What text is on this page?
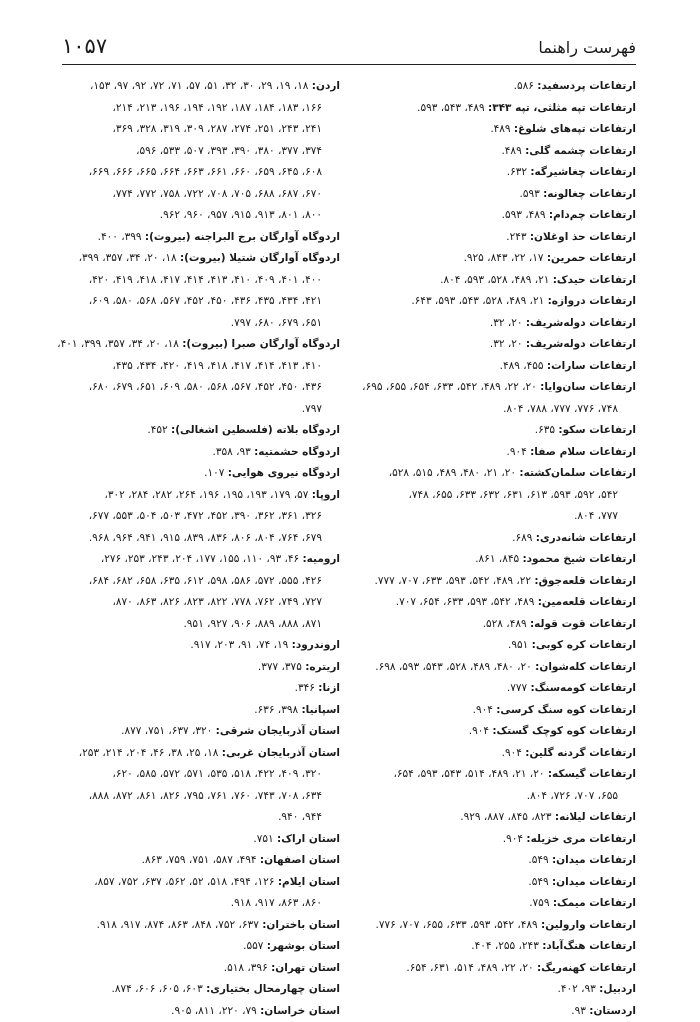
فهرست راهنما
۱۰۵۷
ارتفاعات پردسفید: ۵۸۶.
ارتفاعات تپه مثلثی، تپه ۳۴۳: ۴۸۹، ۵۴۳، ۵۹۳.
ارتفاعات تپه‌های شلوغ: ۴۸۹.
ارتفاعات چشمه گلی: ۴۸۹.
ارتفاعات چغاشیرگه: ۶۳۲.
ارتفاعات چغالونه: ۵۹۳.
ارتفاعات چم‌دام: ۴۸۹، ۵۹۳.
ارتفاعات حذ اوغلان: ۲۴۳.
ارتفاعات حمرین: ۱۷، ۲۲، ۸۴۳، ۹۲۵.
ارتفاعات حیدک: ۲۱، ۴۸۹، ۵۲۸، ۵۹۳، ۸۰۴.
ارتفاعات دروازه: ۲۱، ۴۸۹، ۵۲۸، ۵۴۳، ۵۹۳، ۶۴۳.
ارتفاعات دوله‌شریف: ۲۰، ۳۲.
ارتفاعات دوله‌شریف: ۲۰، ۳۲.
ارتفاعات سارات: ۴۵۵، ۴۸۹.
ارتفاعات سان‌وایا: ۲۰، ۲۲، ۴۸۹، ۵۴۲، ۶۳۳، ۶۵۴، ۶۵۵، ۶۹۵،
۷۴۸، ۷۷۶، ۷۷۷، ۷۸۸، ۸۰۴.
ارتفاعات سکو: ۶۳۵.
ارتفاعات سلام صفا: ۹۰۴.
ارتفاعات سلمان‌کشته: ۲۰، ۲۱، ۴۸۰، ۴۸۹، ۵۱۵، ۵۲۸،
۵۴۲، ۵۹۲، ۵۹۳، ۶۱۳، ۶۳۱، ۶۳۲، ۶۳۳، ۶۵۵، ۷۴۸،
۷۷۷، ۸۰۴.
ارتفاعات شانه‌دری: ۶۸۹.
ارتفاعات شیخ محمود: ۸۴۵، ۸۶۱.
ارتفاعات قلعه‌جوق: ۲۲، ۴۸۹، ۵۴۲، ۵۹۳، ۶۳۳، ۷۰۷، ۷۷۷.
ارتفاعات قلعه‌مین: ۴۸۹، ۵۴۲، ۵۹۳، ۶۳۳، ۶۵۴، ۷۰۷.
ارتفاعات قوت قوله: ۴۸۹، ۵۲۸.
ارتفاعات کره کوبی: ۹۵۱.
ارتفاعات کله‌شوان: ۲۰، ۴۸۰، ۴۸۹، ۵۲۸، ۵۴۳، ۵۹۳، ۶۹۸.
ارتفاعات کومه‌سنگ: ۷۷۷.
ارتفاعات کوه سنگ کرسی: ۹۰۴.
ارتفاعات کوه کوچک گستک: ۹۰۴.
ارتفاعات گردنه گلین: ۹۰۴.
ارتفاعات گیسکه: ۲۰، ۲۱، ۴۸۹، ۵۱۴، ۵۴۳، ۵۹۳، ۶۵۴،
۶۵۵، ۷۰۷، ۷۲۶، ۸۰۴.
ارتفاعات لیلانه: ۸۲۳، ۸۴۵، ۸۸۷، ۹۲۹.
ارتفاعات مری خزیله: ۹۰۴.
ارتفاعات میدان: ۵۴۹.
ارتفاعات میدان: ۵۴۹.
ارتفاعات میمک: ۷۵۹.
ارتفاعات وارولین: ۴۸۹، ۵۴۲، ۵۹۳، ۶۳۳، ۶۵۵، ۷۰۷، ۷۷۶.
ارتفاعات هنگ‌آباد: ۲۴۳، ۲۵۵، ۴۰۴.
ارتفاعات کهنه‌ریگ: ۲۰، ۲۲، ۴۸۹، ۵۱۴، ۶۳۱، ۶۵۴.
اردبیل: ۹۳، ۴۰۲.
اردستان: ۹۳.
اردن: ۱۸، ۱۹، ۲۹، ۳۰، ۳۲، ۵۱، ۵۷، ۷۱، ۷۲، ۹۲، ۹۷، ۱۵۳،
۱۶۶، ۱۸۳، ۱۸۴، ۱۸۷، ۱۹۲، ۱۹۴، ۱۹۶، ۲۱۳، ۲۱۴،
۲۴۱، ۲۴۳، ۲۵۱، ۲۷۴، ۲۸۷، ۳۰۹، ۳۱۹، ۳۲۸، ۳۶۹،
۳۷۴، ۳۷۷، ۳۸۰، ۳۹۰، ۳۹۳، ۵۰۷، ۵۳۳، ۵۹۶،
۶۰۸، ۶۴۵، ۶۵۹، ۶۶۰، ۶۶۱، ۶۶۳، ۶۶۴، ۶۶۵، ۶۶۶، ۶۶۹،
۶۷۰، ۶۸۷، ۶۸۸، ۷۰۵، ۷۰۸، ۷۲۲، ۷۵۸، ۷۷۲، ۷۷۴،
۸۰۰، ۸۰۱، ۹۱۳، ۹۱۵، ۹۵۷، ۹۶۰، ۹۶۲.
اردوگاه آوارگان برج البراجنه (بیروت): ۳۹۹، ۴۰۰.
اردوگاه آوارگان شتیلا (بیروت): ۱۸، ۲۰، ۳۴، ۳۵۷، ۳۹۹،
۴۰۰، ۴۰۱، ۴۰۹، ۴۱۰، ۴۱۳، ۴۱۴، ۴۱۷، ۴۱۸، ۴۱۹، ۴۲۰،
۴۲۱، ۴۳۴، ۴۳۵، ۴۳۶، ۴۵۰، ۴۵۲، ۵۶۷، ۵۶۸، ۵۸۰، ۶۰۹،
۶۵۱، ۶۷۹، ۶۸۰، ۷۹۷.
اردوگاه آوارگان صبرا (بیروت): ۱۸، ۲۰، ۳۴، ۳۵۷، ۳۹۹، ۴۰۱،
۴۱۰، ۴۱۳، ۴۱۴، ۴۱۷، ۴۱۸، ۴۱۹، ۴۲۰، ۴۳۴، ۴۳۵،
۴۳۶، ۴۵۰، ۴۵۲، ۵۶۷، ۵۶۸، ۵۸۰، ۶۰۹، ۶۵۱، ۶۷۹، ۶۸۰،
۷۹۷.
اردوگاه بلاته (فلسطین اشغالی): ۴۵۲.
اردوگاه حشمتیه: ۹۳، ۳۵۸.
اردوگاه نیروی هوایی: ۱۰۷.
اروپا: ۵۷، ۱۷۹، ۱۹۳، ۱۹۵، ۱۹۶، ۲۶۴، ۲۸۲، ۲۸۴، ۳۰۲،
۳۲۶، ۳۶۱، ۳۶۲، ۳۹۰، ۴۵۲، ۴۷۲، ۵۰۳، ۵۰۴، ۵۵۳، ۶۷۷،
۶۷۹، ۷۶۴، ۸۰۴، ۸۰۶، ۸۳۶، ۸۳۹، ۹۱۵، ۹۴۱، ۹۶۴، ۹۶۸.
ارومیه: ۴۶، ۹۳، ۱۱۰، ۱۵۵، ۱۷۷، ۲۰۴، ۲۴۳، ۲۵۳، ۲۷۶،
۴۲۶، ۵۵۵، ۵۷۲، ۵۸۶، ۵۹۸، ۶۱۲، ۶۳۵، ۶۵۸، ۶۸۲، ۶۸۴،
۷۲۷، ۷۴۹، ۷۶۲، ۷۷۸، ۸۲۲، ۸۲۳، ۸۲۶، ۸۶۳، ۸۷۰،
۸۷۱، ۸۸۸، ۸۸۹، ۹۰۶، ۹۲۷، ۹۵۱.
اروندرود: ۱۹، ۷۴، ۹۱، ۲۰۳، ۹۱۷.
اریتره: ۳۷۵، ۳۷۷.
ازنا: ۳۴۶.
اسپانیا: ۳۹۸، ۶۳۶.
استان آذربایجان شرقی: ۳۲۰، ۶۳۷، ۷۵۱، ۸۷۷.
استان آذربایجان غربی: ۱۸، ۲۵، ۳۸، ۴۶، ۲۰۴، ۲۱۴، ۲۵۳،
۳۲۰، ۴۰۹، ۴۲۲، ۵۱۸، ۵۳۵، ۵۷۱، ۵۷۲، ۵۸۵، ۶۲۰،
۶۳۴، ۷۰۸، ۷۴۳، ۷۶۰، ۷۶۱، ۷۹۵، ۸۲۶، ۸۶۱، ۸۷۲، ۸۸۸،
۹۴۴، ۹۴۰.
استان اراک: ۷۵۱.
استان اصفهان: ۴۹۴، ۵۸۷، ۷۵۱، ۷۵۹، ۸۶۳.
استان ایلام: ۱۲۶، ۴۹۴، ۵۱۸، ۵۲، ۵۶۲، ۶۳۷، ۷۵۲، ۸۵۷،
۸۶۰، ۸۶۳، ۹۱۷، ۹۱۸.
استان باختران: ۶۳۷، ۷۵۲، ۸۴۸، ۸۶۳، ۸۷۴، ۹۱۷، ۹۱۸.
استان بوشهر: ۵۵۷.
استان تهران: ۳۹۶، ۵۱۸.
استان چهارمحال بختیاری: ۶۰۳، ۶۰۵، ۶۰۶، ۸۷۴.
استان خراسان: ۷۹، ۲۲۰، ۸۱۱، ۹۰۵.
